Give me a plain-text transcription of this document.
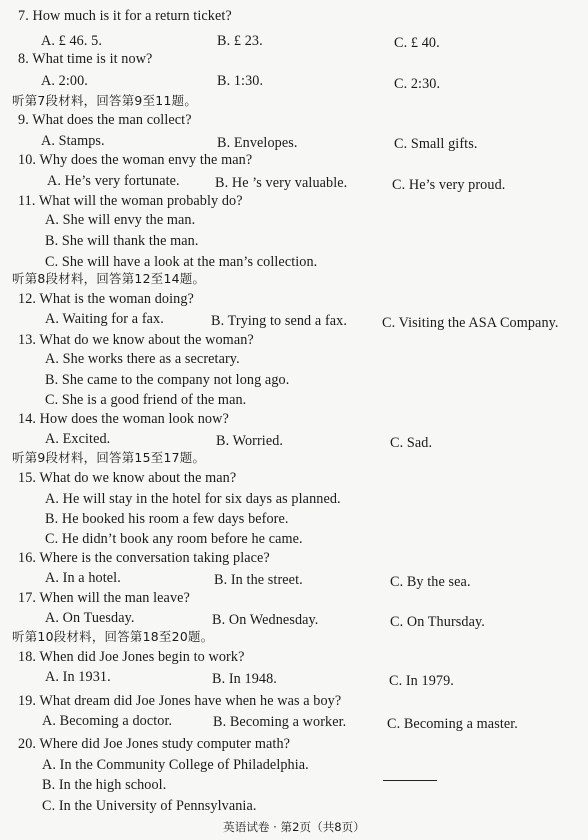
7. How much is it for a return ticket?
A. £ 46. 5.	B. £ 23.	C. £ 40.
8. What time is it now?
A. 2:00.	B. 1:30.	C. 2:30.
听第7段材料，回答第9至11题。
9. What does the man collect?
A. Stamps.	B. Envelopes.	C. Small gifts.
10. Why does the woman envy the man?
A. He’s very fortunate. B. He ’s very valuable.	C. He’s very proud.
11. What will the woman probably do?
A. She will envy the man.
B. She will thank the man.
C. She will have a look at the man’s collection.
听第8段材料，回答第12至14题。
12. What is the woman doing?
A. Waiting for a fax.	B. Trying to send a fax. C. Visiting the ASA Company.
13. What do we know about the woman?
A. She works there as a secretary.
B. She came to the company not long ago.
C. She is a good friend of the man.
14. How does the woman look now?
A. Excited.	B. Worried.	C. Sad.
听第9段材料，回答第15至17题。
15. What do we know about the man?
A. He will stay in the hotel for six days as planned.
B. He booked his room a few days before.
C. He didn’t book any room before he came.
16. Where is the conversation taking place?
A. In a hotel.	B. In the street.	C. By the sea.
17. When will the man leave?
A. On Tuesday.	B. On Wednesday.	C. On Thursday.
听第10段材料，回答第18至20题。
18. When did Joe Jones begin to work?
A. In 1931.	B. In 1948.	C. In 1979.
19. What dream did Joe Jones have when he was a boy?
A. Becoming a doctor.	B. Becoming a worker.	C. Becoming a master.
20. Where did Joe Jones study computer math?
A. In the Community College of Philadelphia.
B. In the high school.
C. In the University of Pennsylvania.
英语试卷 · 第2页（共8页）
